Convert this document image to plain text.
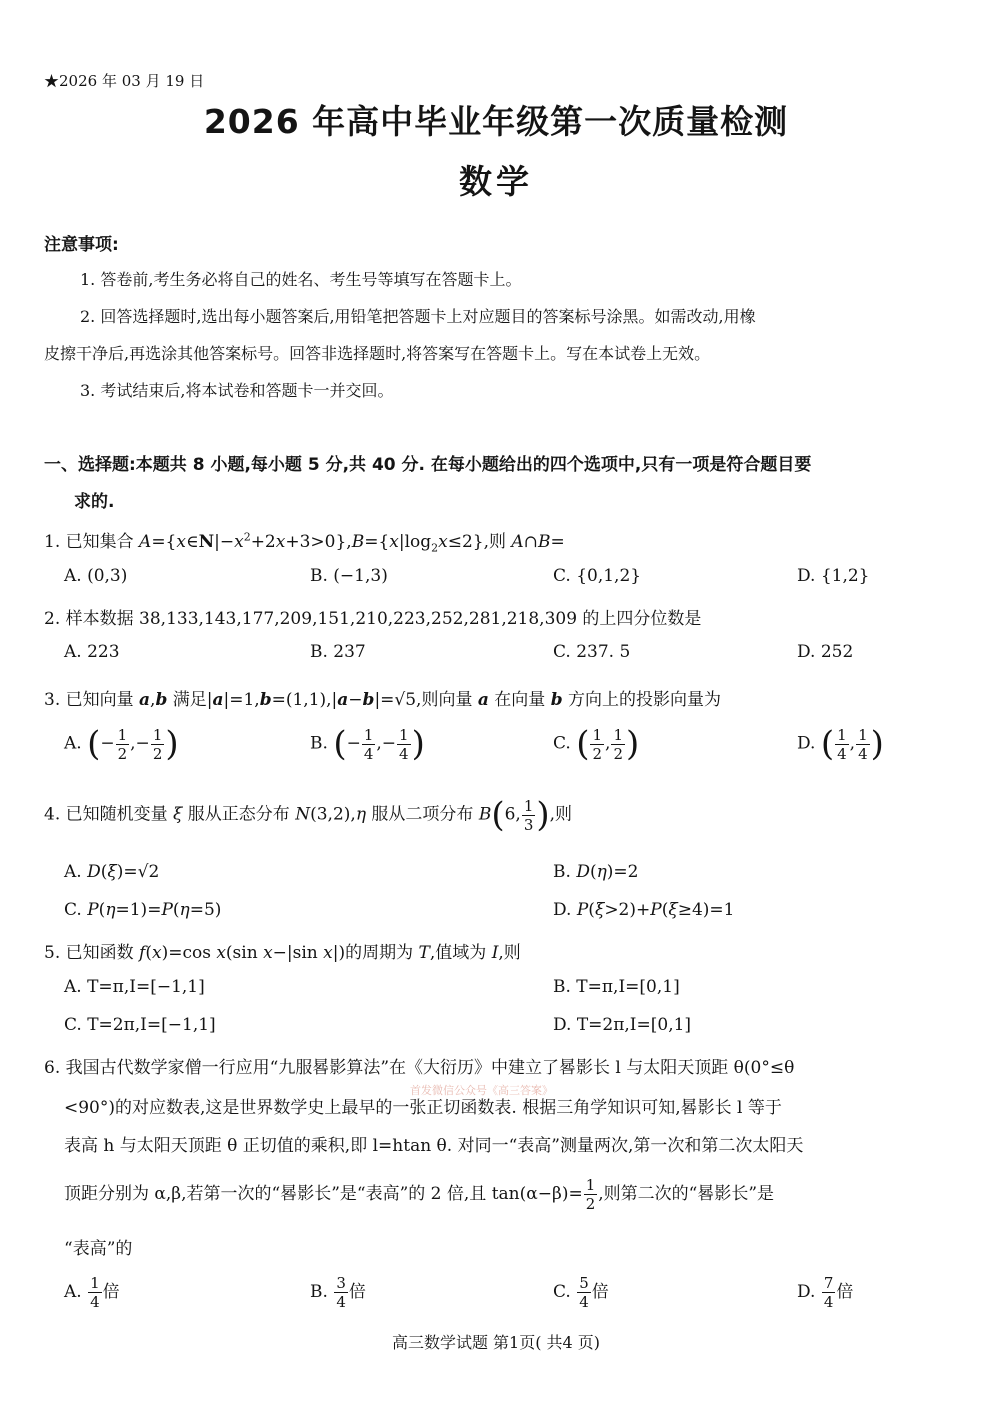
★2026 年 03 月 19 日
2026 年高中毕业年级第一次质量检测
数学
注意事项:
1. 答卷前,考生务必将自己的姓名、考生号等填写在答题卡上。
2. 回答选择题时,选出每小题答案后,用铅笔把答题卡上对应题目的答案标号涂黑。如需改动,用橡
皮擦干净后,再选涂其他答案标号。回答非选择题时,将答案写在答题卡上。写在本试卷上无效。
3. 考试结束后,将本试卷和答题卡一并交回。
一、选择题:本题共 8 小题,每小题 5 分,共 40 分. 在每小题给出的四个选项中,只有一项是符合题目要
求的.
1. 已知集合 $A=\{x\in N|-x^2+2x+3>0\},B=\{x|\log_2x\le 2\}$,则 A∩B=
A. (0,3)	B. (−1,3)	C. {0,1,2}	D. {1,2}
2. 样本数据 38,133,143,177,209,151,210,223,252,281,218,309 的上四分位数是
A. 223	B. 237	C. 237. 5	D. 252
3. 已知向量 a,b 满足|a|=1,b=(1,1),|a−b|=√5,则向量 a 在向量 b 方向上的投影向量为
A. (− $\frac{1}{2}$ ,− $\frac{1}{2}$ )	B. (− $\frac{1}{4}$ ,− $\frac{1}{4}$ )	C. ( $\frac{1}{2}$ , $\frac{1}{2}$ )	D. ( $\frac{1}{4}$ , $\frac{1}{4}$ )
4. 已知随机变量 ξ 服从正态分布 N(3,2),η 服从二项分布 B(6, $\frac{1}{3}$ ),则
A. D(ξ)=√2	B. D(η)=2
C. P(η=1)=P(η=5)	D. P(ξ>2)+P(ξ≥4)=1
5. 已知函数 f(x)=cos x(sin x−|sin x|)的周期为 T,值域为 I,则
A. T=π,I=[−1,1]	B. T=π,I=[0,1]
C. T=2π,I=[−1,1]	D. T=2π,I=[0,1]
6. 我国古代数学家僧一行应用“九服晷影算法”在《大衍历》中建立了晷影长 l 与太阳天顶距 θ(0°≤θ
首发微信公众号《高三答案》
<90°)的对应数表,这是世界数学史上最早的一张正切函数表. 根据三角学知识可知,晷影长 l 等于
表高 h 与太阳天顶距 θ 正切值的乘积,即 l=htan θ. 对同一“表高”测量两次,第一次和第二次太阳天
顶距分别为 α,β,若第一次的“晷影长”是“表高”的 2 倍,且 $\tan(\alpha-\beta)= \frac{1}{2}$ ,则第二次的“晷影长”是
“表高”的
A. $\frac{1}{4}$ 倍	B. $\frac{3}{4}$ 倍	C. $\frac{5}{4}$ 倍	D. $\frac{7}{4}$ 倍
高三数学试题 第1页( 共4 页)
